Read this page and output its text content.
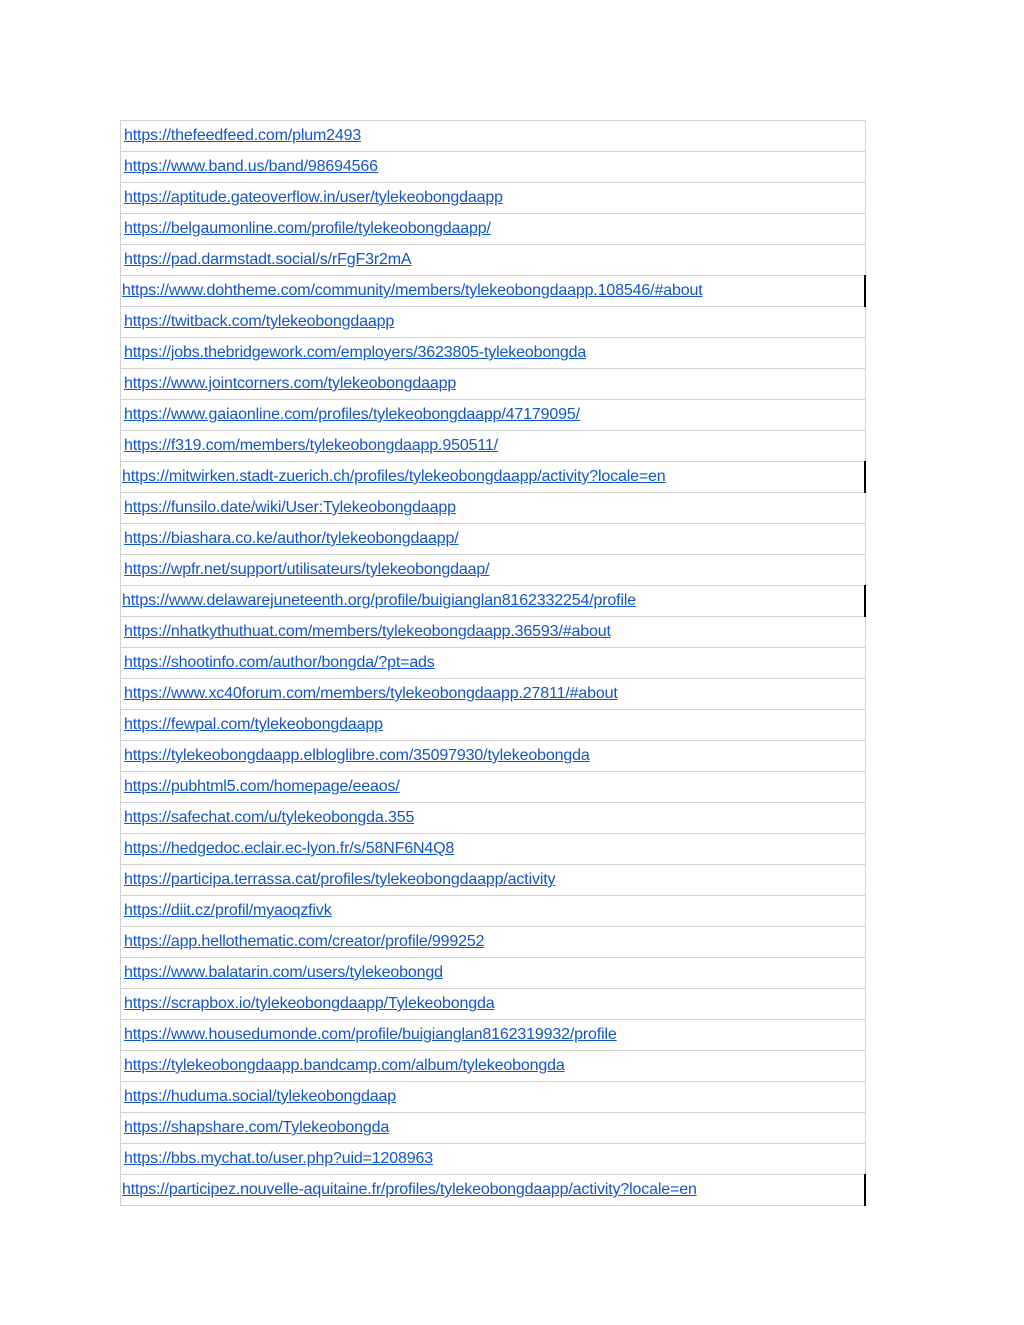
https://thefeedfeed.com/plum2493
https://www.band.us/band/98694566
https://aptitude.gateoverflow.in/user/tylekeobongdaapp
https://belgaumonline.com/profile/tylekeobongdaapp/
https://pad.darmstadt.social/s/rFgF3r2mA
https://www.dohtheme.com/community/members/tylekeobongdaapp.108546/#about
https://twitback.com/tylekeobongdaapp
https://jobs.thebridgework.com/employers/3623805-tylekeobongda
https://www.jointcorners.com/tylekeobongdaapp
https://www.gaiaonline.com/profiles/tylekeobongdaapp/47179095/
https://f319.com/members/tylekeobongdaapp.950511/
https://mitwirken.stadt-zuerich.ch/profiles/tylekeobongdaapp/activity?locale=en
https://funsilo.date/wiki/User:Tylekeobongdaapp
https://biashara.co.ke/author/tylekeobongdaapp/
https://wpfr.net/support/utilisateurs/tylekeobongdaap/
https://www.delawarejuneteenth.org/profile/buigianglan8162332254/profile
https://nhatkythuthuat.com/members/tylekeobongdaapp.36593/#about
https://shootinfo.com/author/bongda/?pt=ads
https://www.xc40forum.com/members/tylekeobongdaapp.27811/#about
https://fewpal.com/tylekeobongdaapp
https://tylekeobongdaapp.elbloglibre.com/35097930/tylekeobongda
https://pubhtml5.com/homepage/eeaos/
https://safechat.com/u/tylekeobongda.355
https://hedgedoc.eclair.ec-lyon.fr/s/58NF6N4Q8
https://participa.terrassa.cat/profiles/tylekeobongdaapp/activity
https://diit.cz/profil/myaoqzfivk
https://app.hellothematic.com/creator/profile/999252
https://www.balatarin.com/users/tylekeobongd
https://scrapbox.io/tylekeobongdaapp/Tylekeobongda
https://www.housedumonde.com/profile/buigianglan8162319932/profile
https://tylekeobongdaapp.bandcamp.com/album/tylekeobongda
https://huduma.social/tylekeobongdaap
https://shapshare.com/Tylekeobongda
https://bbs.mychat.to/user.php?uid=1208963
https://participez.nouvelle-aquitaine.fr/profiles/tylekeobongdaapp/activity?locale=en
